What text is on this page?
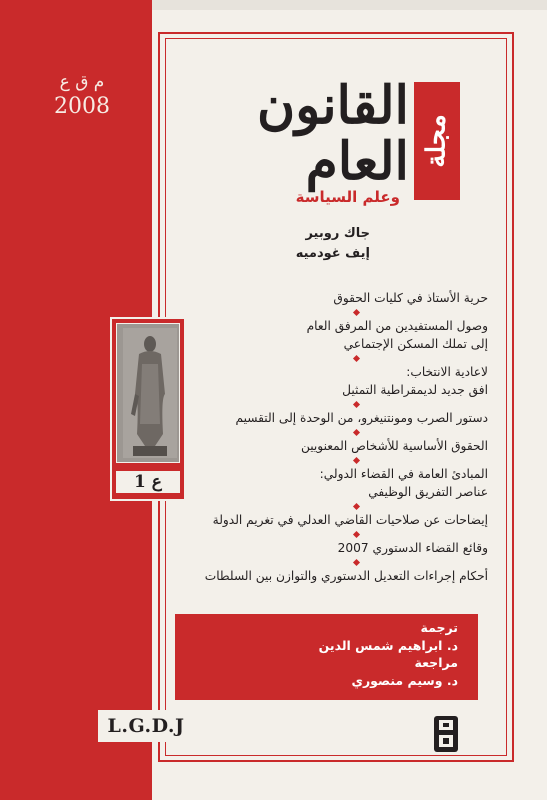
م ق ع
2008
مجلة
القانون
العام
وعلم السياسة
جاك روبير
إيف غودميه
حرية الأستاذ في كليات الحقوق
وصول المستفيدين من المرفق العام
إلى تملك المسكن الإجتماعي
لاعادية الانتخاب:
افق جديد لديمقراطية التمثيل
دستور الصرب ومونتنيغرو، من الوحدة إلى التقسيم
الحقوق الأساسية للأشخاص المعنويين
المبادئ العامة في القضاء الدولي:
عناصر التفريق الوظيفي
إيضاحات عن صلاحيات القاضي العدلي في تغريم الدولة
وقائع القضاء الدستوري 2007
أحكام إجراءات التعديل الدستوري والتوازن بين السلطات
ع 1
ترجمة
د. ابراهيم شمس الدين
مراجعة
د. وسيم منصوري
L.G.D.J
